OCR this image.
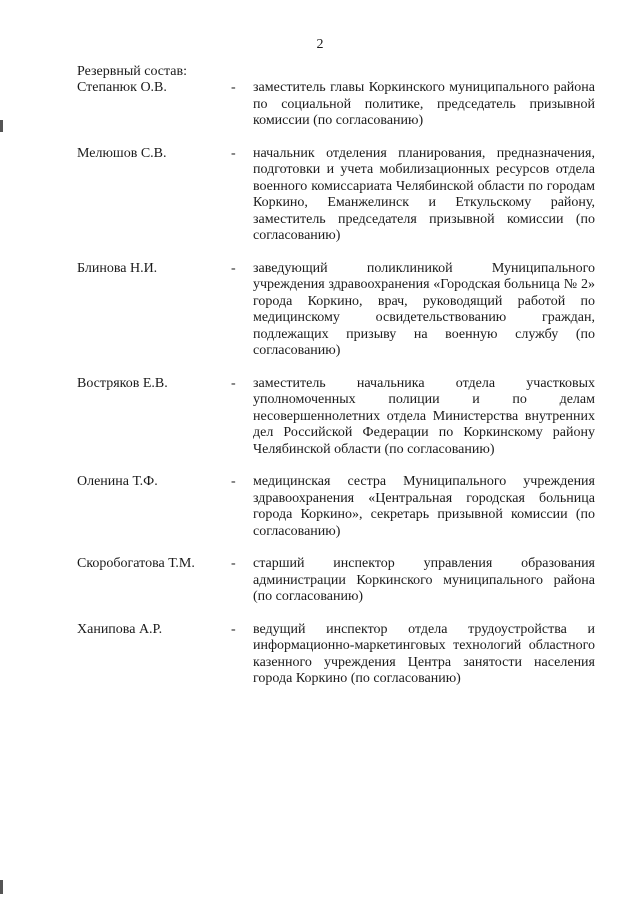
2
Резервный состав:
Степанюк О.В.	- заместитель главы Коркинского муниципального района по социальной политике, председатель призывной комиссии (по согласованию)
Мелюшов С.В.	- начальник отделения планирования, предназначения, подготовки и учета мобилизационных ресурсов отдела военного комиссариата Челябинской области по городам Коркино, Еманжелинск и Еткульскому району, заместитель председателя призывной комиссии (по согласованию)
Блинова Н.И.	- заведующий поликлиникой Муниципального учреждения здравоохранения «Городская больница № 2» города Коркино, врач, руководящий работой по медицинскому освидетельствованию граждан, подлежащих призыву на военную службу (по согласованию)
Востряков Е.В.	- заместитель начальника отдела участковых уполномоченных полиции и по делам несовершеннолетних отдела Министерства внутренних дел Российской Федерации по Коркинскому району Челябинской области (по согласованию)
Оленина Т.Ф.	- медицинская сестра Муниципального учреждения здравоохранения «Центральная городская больница города Коркино», секретарь призывной комиссии (по согласованию)
Скоробогатова Т.М.	- старший инспектор управления образования администрации Коркинского муниципального района (по согласованию)
Ханипова А.Р.	- ведущий инспектор отдела трудоустройства и информационно-маркетинговых технологий областного казенного учреждения Центра занятости населения города Коркино (по согласованию)
